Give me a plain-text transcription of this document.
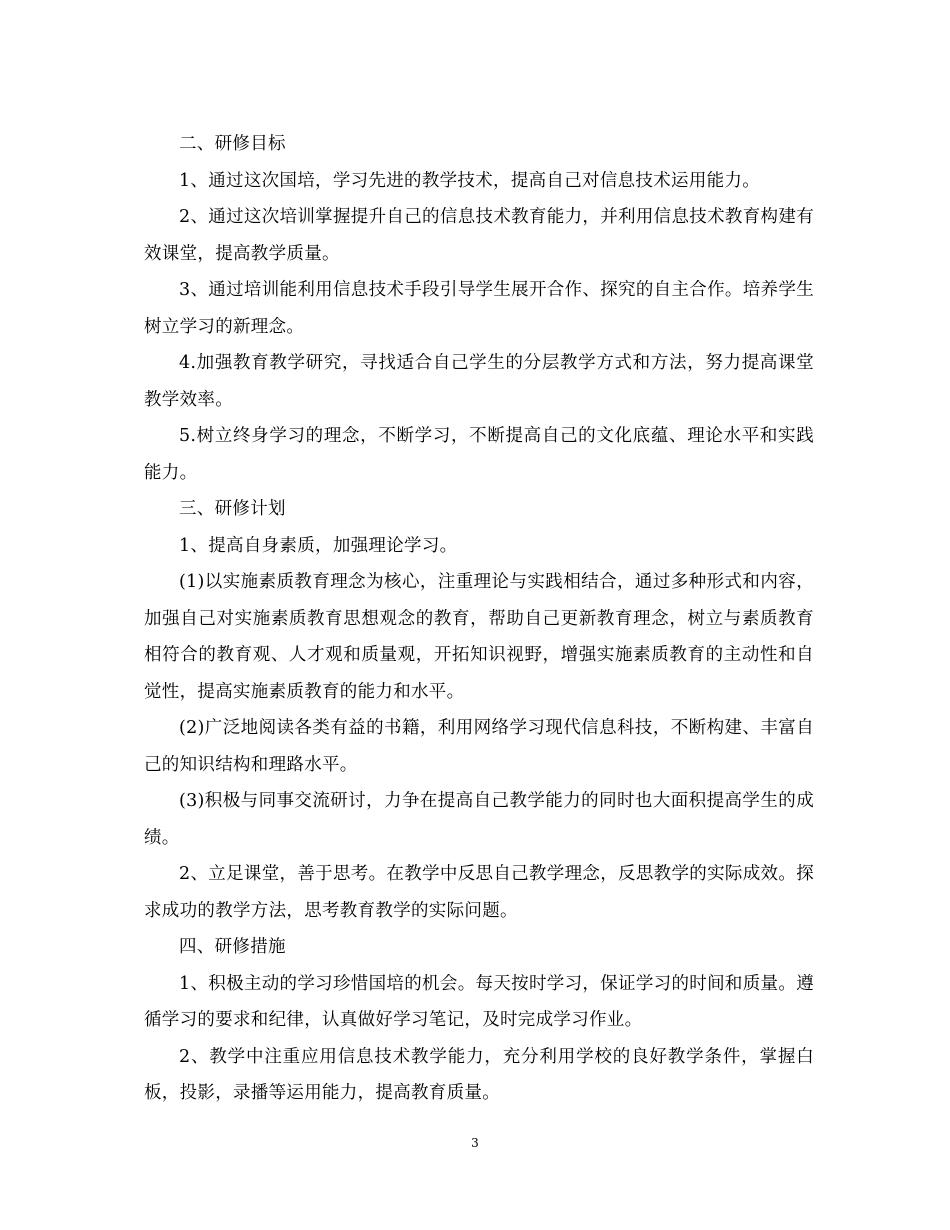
二、研修目标

1、通过这次国培，学习先进的教学技术，提高自己对信息技术运用能力。

2、通过这次培训掌握提升自己的信息技术教育能力，并利用信息技术教育构建有效课堂，提高教学质量。

3、通过培训能利用信息技术手段引导学生展开合作、探究的自主合作。培养学生树立学习的新理念。

4.加强教育教学研究，寻找适合自己学生的分层教学方式和方法，努力提高课堂教学效率。

5.树立终身学习的理念，不断学习，不断提高自己的文化底蕴、理论水平和实践能力。

三、研修计划

1、提高自身素质，加强理论学习。

(1)以实施素质教育理念为核心，注重理论与实践相结合，通过多种形式和内容，加强自己对实施素质教育思想观念的教育，帮助自己更新教育理念，树立与素质教育相符合的教育观、人才观和质量观，开拓知识视野，增强实施素质教育的主动性和自觉性，提高实施素质教育的能力和水平。

(2)广泛地阅读各类有益的书籍，利用网络学习现代信息科技，不断构建、丰富自己的知识结构和理路水平。

(3)积极与同事交流研讨，力争在提高自己教学能力的同时也大面积提高学生的成绩。

2、立足课堂，善于思考。在教学中反思自己教学理念，反思教学的实际成效。探求成功的教学方法，思考教育教学的实际问题。

四、研修措施

1、积极主动的学习珍惜国培的机会。每天按时学习，保证学习的时间和质量。遵循学习的要求和纪律，认真做好学习笔记，及时完成学习作业。

2、教学中注重应用信息技术教学能力，充分利用学校的良好教学条件，掌握白板，投影，录播等运用能力，提高教育质量。

3
